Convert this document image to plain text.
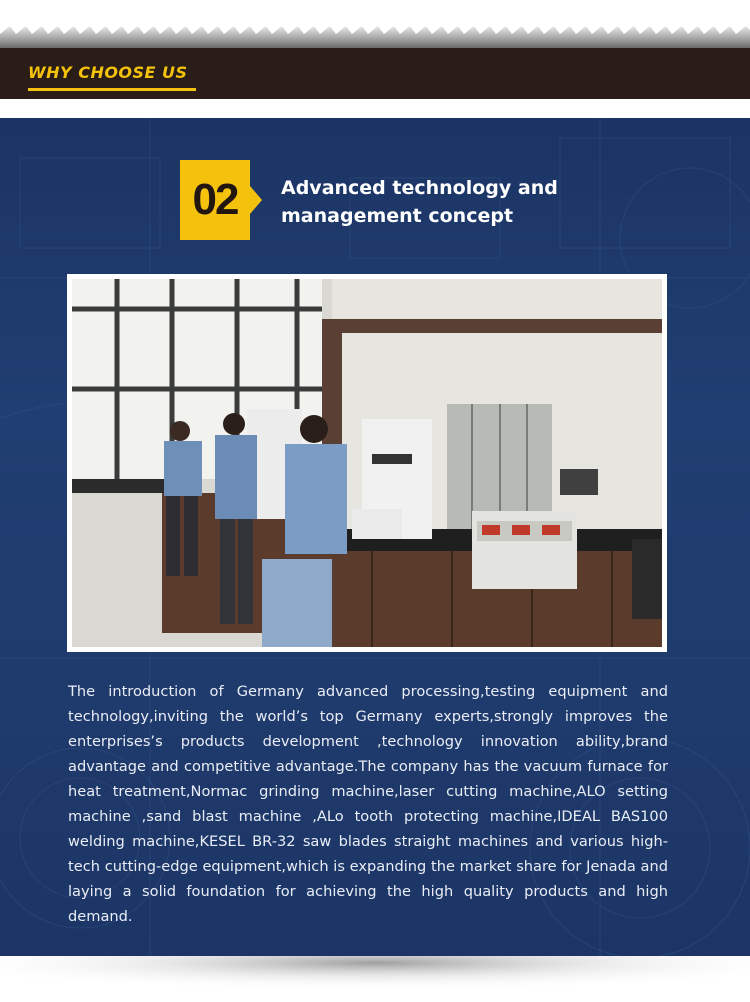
WHY CHOOSE US
02	Advanced technology and
management concept
The introduction of Germany advanced processing,testing equipment and technology,inviting the world’s top Germany experts,strongly improves the enterprises’s products development ,technology innovation ability,brand advantage and competitive advantage.The company has the vacuum furnace for heat treatment,Normac grinding machine,laser cutting machine,ALO setting machine ,sand blast machine ,ALo tooth protecting machine,IDEAL BAS100 welding machine,KESEL BR-32 saw blades straight machines and various high-tech cutting-edge equipment,which is expanding the market share for Jenada and laying a solid foundation for achieving the high quality products and high demand.
